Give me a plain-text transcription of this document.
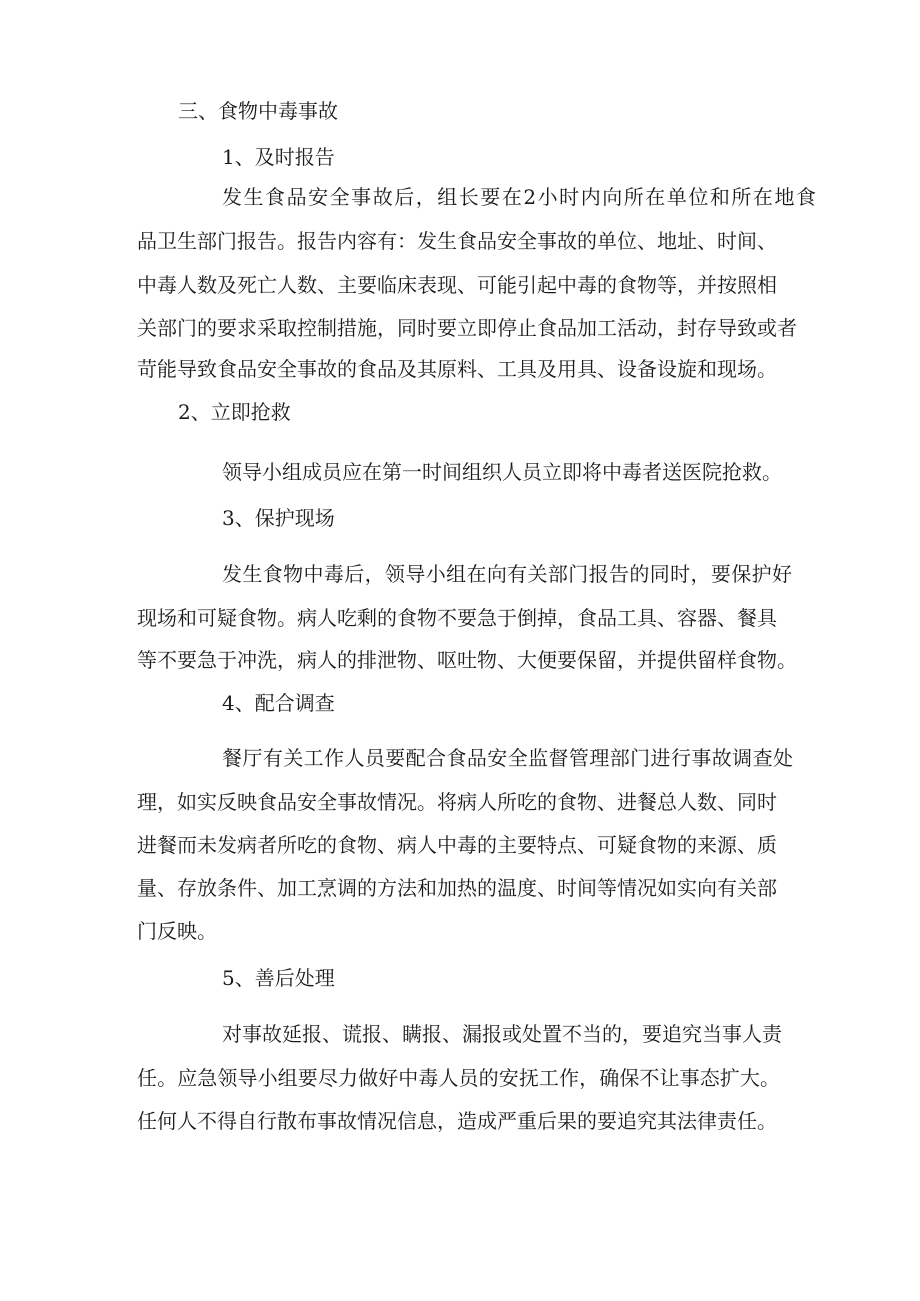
三、食物中毒事故
1、及时报告
发生食品安全事故后，组长要在2小时内向所在单位和所在地食
品卫生部门报告。报告内容有：发生食品安全事故的单位、地址、时间、
中毒人数及死亡人数、主要临床表现、可能引起中毒的食物等，并按照相
关部门的要求采取控制措施，同时要立即停止食品加工活动，封存导致或者
苛能导致食品安全事故的食品及其原料、工具及用具、设备设旋和现场。
2、立即抢救
领导小组成员应在第一时间组织人员立即将中毒者送医院抢救。
3、保护现场
发生食物中毒后，领导小组在向有关部门报告的同时，要保护好
现场和可疑食物。病人吃剩的食物不要急于倒掉，食品工具、容器、餐具
等不要急于冲洗，病人的排泄物、呕吐物、大便要保留，并提供留样食物。
4、配合调查
餐厅有关工作人员要配合食品安全监督管理部门进行事故调查处
理，如实反映食品安全事故情况。将病人所吃的食物、进餐总人数、同时
进餐而未发病者所吃的食物、病人中毒的主要特点、可疑食物的来源、质
量、存放条件、加工烹调的方法和加热的温度、时间等情况如实向有关部
门反映。
5、善后处理
对事故延报、谎报、瞒报、漏报或处置不当的，要追究当事人责
任。应急领导小组要尽力做好中毒人员的安抚工作，确保不让事态扩大。
任何人不得自行散布事故情况信息，造成严重后果的要追究其法律责任。
